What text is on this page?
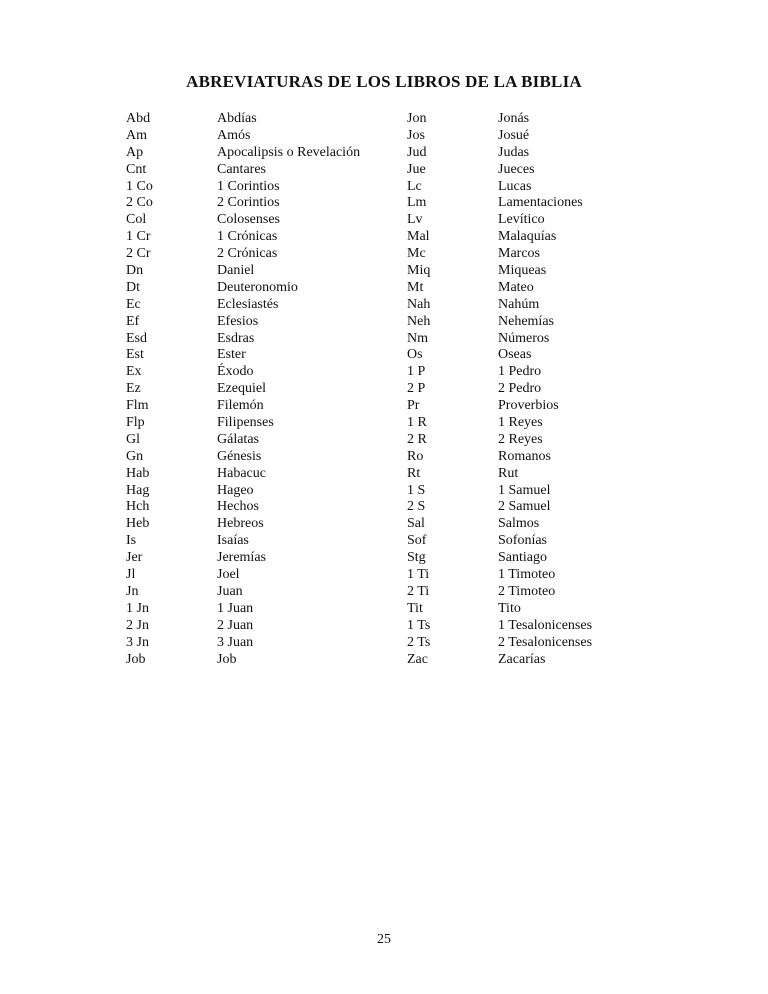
ABREVIATURAS DE LOS LIBROS DE LA BIBLIA
Abd
Am
Ap
Cnt
1 Co
2 Co
Col
1 Cr
2 Cr
Dn
Dt
Ec
Ef
Esd
Est
Ex
Ez
Flm
Flp
Gl
Gn
Hab
Hag
Hch
Heb
Is
Jer
Jl
Jn
1 Jn
2 Jn
3 Jn
Job
Abdías
Amós
Apocalipsis o Revelación
Cantares
1 Corintios
2 Corintios
Colosenses
1 Crónicas
2 Crónicas
Daniel
Deuteronomio
Eclesiastés
Efesios
Esdras
Ester
Éxodo
Ezequiel
Filemón
Filipenses
Gálatas
Génesis
Habacuc
Hageo
Hechos
Hebreos
Isaías
Jeremías
Joel
Juan
1 Juan
2 Juan
3 Juan
Job
Jon
Jos
Jud
Jue
Lc
Lm
Lv
Mal
Mc
Miq
Mt
Nah
Neh
Nm
Os
1 P
2 P
Pr
1 R
2 R
Ro
Rt
1 S
2 S
Sal
Sof
Stg
1 Ti
2 Ti
Tit
1 Ts
2 Ts
Zac
Jonás
Josué
Judas
Jueces
Lucas
Lamentaciones
Levítico
Malaquías
Marcos
Miqueas
Mateo
Nahúm
Nehemías
Números
Oseas
1 Pedro
2 Pedro
Proverbios
1 Reyes
2 Reyes
Romanos
Rut
1 Samuel
2 Samuel
Salmos
Sofonías
Santiago
1 Timoteo
2 Timoteo
Tito
1 Tesalonicenses
2 Tesalonicenses
Zacarías
25
